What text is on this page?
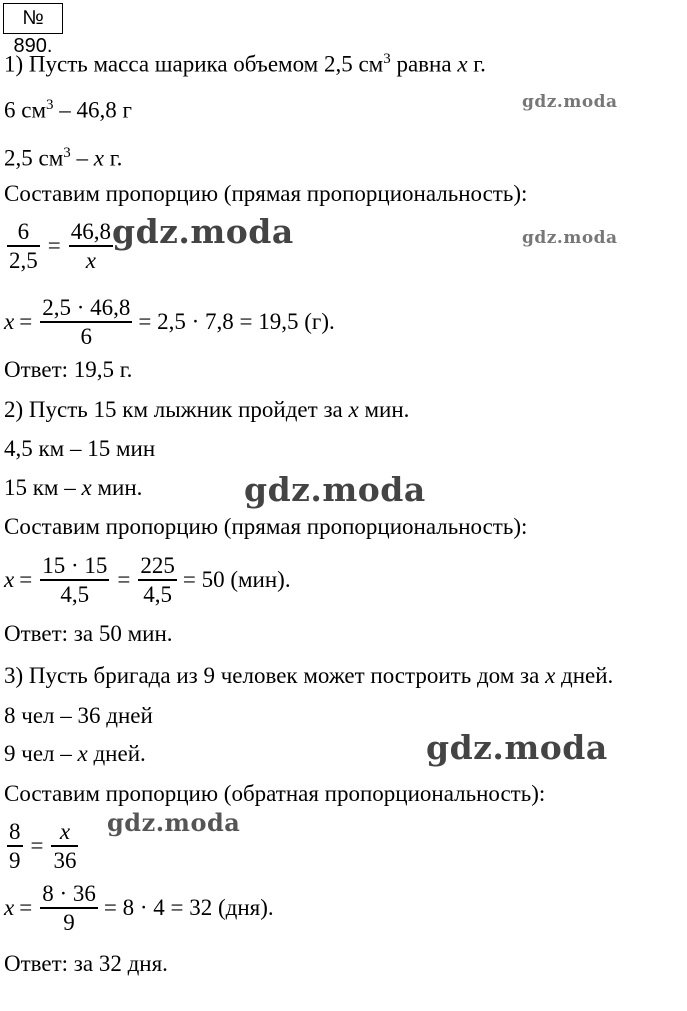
№ 890.
1) Пусть масса шарика объемом 2,5 $см^3$ равна x г.
6 $см^3 - 46,8$ г
2,5 $см^3$ – x г.
Составим пропорцию (прямая пропорциональность):
$\frac{6}{2,5} = \frac{46,8}{x}$
$x = \frac{2,5 \cdot 46,8}{6} = 2,5 \cdot 7,8 = 19,5$ (г).
Ответ: 19,5 г.
2) Пусть 15 км лыжник пройдет за x мин.
4,5 км – 15 мин
15 км – x мин.
Составим пропорцию (прямая пропорциональность):
$x = \frac{15 \cdot 15}{4,5} = \frac{225}{4,5} = 50$ (мин).
Ответ: за 50 мин.
3) Пусть бригада из 9 человек может построить дом за x дней.
8 чел – 36 дней
9 чел – x дней.
Составим пропорцию (обратная пропорциональность):
$\frac{8}{9} = \frac{x}{36}$
$x = \frac{8 \cdot 36}{9} = 8 \cdot 4 = 32$ (дня).
Ответ: за 32 дня.
gdz.moda
gdz.moda	gdz.moda
gdz.moda
gdz.moda
gdz.moda
